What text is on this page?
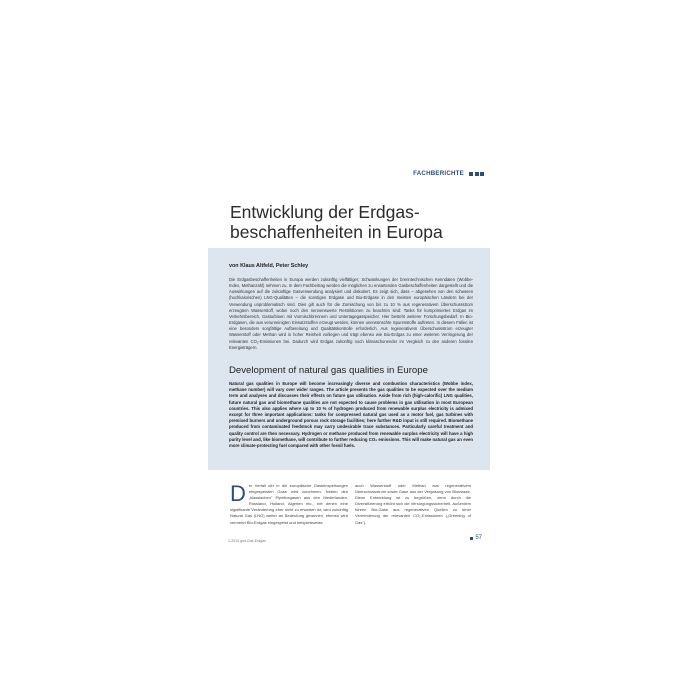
FACHBERICHTE
Entwicklung der Erdgas-
beschaffenheiten in Europa
von Klaus Altfeld, Peter Schley
Die Erdgasbeschaffenheiten in Europa werden zukünftig vielfältiger; Schwankungen der brenntechnischen Kenndaten (Wobbe-Index, Methanzahl) nehmen zu. In dem Fachbeitrag werden die möglichen zu erwartenden Gasbeschaffenheiten dargestellt und die Auswirkungen auf die zukünftige Gasverwendung analysiert und diskutiert. Es zeigt sich, dass – abgesehen von den schweren (hochkalorischen) LNG-Qualitäten – die sonstigen Erdgase und Bio-Erdgase in den meisten europäischen Ländern bei der Verwendung unproblematisch sind. Dies gilt auch für die Zumischung von bis zu 10 % aus regenerativem Überschussstrom erzeugtem Wasserstoff, wobei noch den nennenswerte Restriktionen zu beachten sind: Tanks für komprimiertes Erdgas im Verkehrsbereich, Gasturbinen mit Vormischbrennern und Untertagegasspeicher. Hier besteht weiterer Forschungsbedarf. In Bio-Erdgasen, die aus verunreinigten Einsatzstoffen erzeugt werden, können unerwünschte Spurenstoffe auftreten. In diesem Fällen ist eine besonders sorgfältige Aufbereitung und Qualitätskontrolle erforderlich. Aus regenerativem Überschussstrom erzeugter Wasserstoff oder Methan wird in hoher Reinheit vorliegen und trägt ebenso wie Bio-Erdgas zu einer weiteren Verringerung der relevanten CO₂-Emissionen bei. Dadurch wird Erdgas zukünftig noch klimaschonender im Vergleich zu den anderen fossilen Energieträgern.
Development of natural gas qualities in Europe
Natural gas qualities in Europe will become increasingly diverse and combustion characteristics (Wobbe index, methane number) will vary over wider ranges. The article presents the gas qualities to be expected over the medium term and analyses and discusses their effects on future gas utilisation. Aside from rich (high-calorific) LNG qualities, future natural gas and biomethane qualities are not expected to cause problems in gas utilisation in most European countries. This also applies where up to 10 % of hydrogen produced from renewable surplus electricity is admixed except for three important applications: tanks for compressed natural gas used as a motor fuel, gas turbines with premixed burners and underground porous rock storage facilities; here further R&D input is still required. Biomethane produced from contaminated feedstock may carry undesirable trace substances. Particularly careful treatment and quality control are then necessary. Hydrogen or methane produced from renewable surplus electricity will have a high purity level and, like biomethane, will contribute to further reducing CO₂ emissions. This will make natural gas an even more climate-protecting fuel compared with other fossil fuels.
D er Verfall der in die europäische Gasteinspeisungen eingespeisten Gase wird zunehmen. Neben den „klassischen" Pipelinegasen aus den Niederlanden, Russland, Holland, Algerien etc., bei denen eine signifikante Veränderung eher nicht zu erwarten ist, wird zukünftig Natural Gas (LNG) weiter an Bedeutung gewinnen, ebenso wird vermehrt Bio-Erdgas eingespeist und beispielsweise
auch Wasserstoff oder Methan aus regenerativem Überschussstrom sowie Gase aus der Vergasung von Biomasse. Diese Entwicklung ist zu begrüßen, denn durch die Diversifizierung erhöht sich die Versorgungssicherheit. Außerdem führen Bio-Gase aus regenerativen Quellen zu einer Verminderung der relevanten CO₂-Emissionen („Greening of Gas").
2-2015 gwf-Gas Erdgas	57
